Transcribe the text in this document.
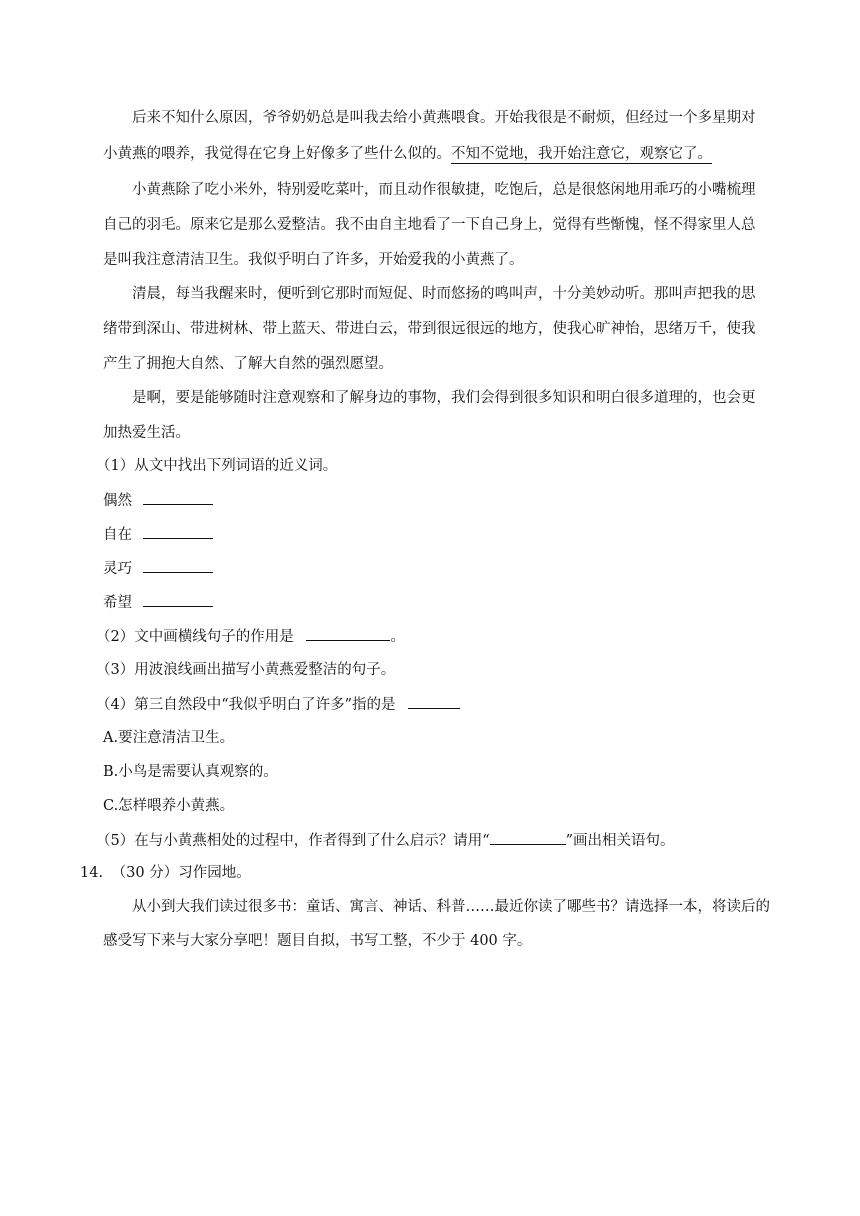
后来不知什么原因，爷爷奶奶总是叫我去给小黄燕喂食。开始我很是不耐烦，但经过一个多星期对
小黄燕的喂养，我觉得在它身上好像多了些什么似的。不知不觉地，我开始注意它，观察它了。
小黄燕除了吃小米外，特别爱吃菜叶，而且动作很敏捷，吃饱后，总是很悠闲地用乖巧的小嘴梳理
自己的羽毛。原来它是那么爱整洁。我不由自主地看了一下自己身上，觉得有些惭愧，怪不得家里人总
是叫我注意清洁卫生。我似乎明白了许多，开始爱我的小黄燕了。
清晨，每当我醒来时，便听到它那时而短促、时而悠扬的鸣叫声，十分美妙动听。那叫声把我的思
绪带到深山、带进树林、带上蓝天、带进白云，带到很远很远的地方，使我心旷神怡，思绪万千，使我
产生了拥抱大自然、了解大自然的强烈愿望。
是啊，要是能够随时注意观察和了解身边的事物，我们会得到很多知识和明白很多道理的，也会更
加热爱生活。
（1）从文中找出下列词语的近义词。
偶然
自在
灵巧
希望
（2）文中画横线句子的作用是	。
（3）用波浪线画出描写小黄燕爱整洁的句子。
（4）第三自然段中“我似乎明白了许多”指的是
A.要注意清洁卫生。
B.小鸟是需要认真观察的。
C.怎样喂养小黄燕。
（5）在与小黄燕相处的过程中，作者得到了什么启示？请用“	”画出相关语句。
14. （30 分）习作园地。
从小到大我们读过很多书：童话、寓言、神话、科普……最近你读了哪些书？请选择一本，将读后的
感受写下来与大家分享吧！题目自拟，书写工整，不少于 400 字。
